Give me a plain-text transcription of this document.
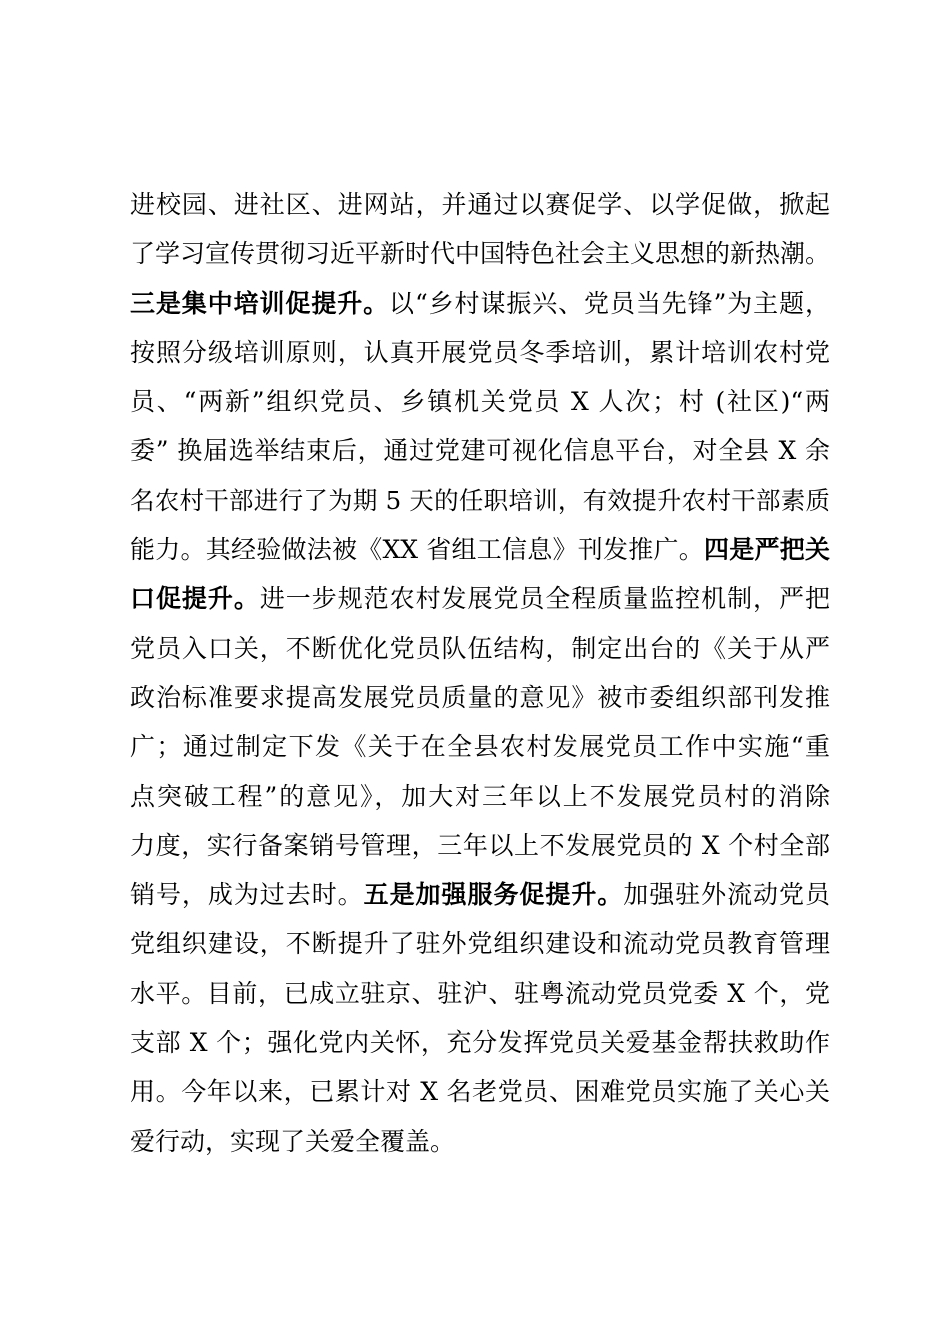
进校园、进社区、进网站，并通过以赛促学、以学促做，掀起
了学习宣传贯彻习近平新时代中国特色社会主义思想的新热潮。
三是集中培训促提升。以“乡村谋振兴、党员当先锋”为主题，
按照分级培训原则，认真开展党员冬季培训，累计培训农村党
员、“两新”组织党员、乡镇机关党员 X 人次；村 (社区)“两
委” 换届选举结束后，通过党建可视化信息平台，对全县 X 余
名农村干部进行了为期 5 天的任职培训，有效提升农村干部素质
能力。其经验做法被《XX 省组工信息》刊发推广。四是严把关
口促提升。进一步规范农村发展党员全程质量监控机制，严把
党员入口关，不断优化党员队伍结构，制定出台的《关于从严
政治标准要求提高发展党员质量的意见》被市委组织部刊发推
广；通过制定下发《关于在全县农村发展党员工作中实施“重
点突破工程”的意见》，加大对三年以上不发展党员村的消除
力度，实行备案销号管理，三年以上不发展党员的 X 个村全部
销号，成为过去时。五是加强服务促提升。加强驻外流动党员
党组织建设，不断提升了驻外党组织建设和流动党员教育管理
水平。目前，已成立驻京、驻沪、驻粤流动党员党委 X 个，党
支部 X 个；强化党内关怀，充分发挥党员关爱基金帮扶救助作
用。今年以来，已累计对 X 名老党员、困难党员实施了关心关
爱行动，实现了关爱全覆盖。
